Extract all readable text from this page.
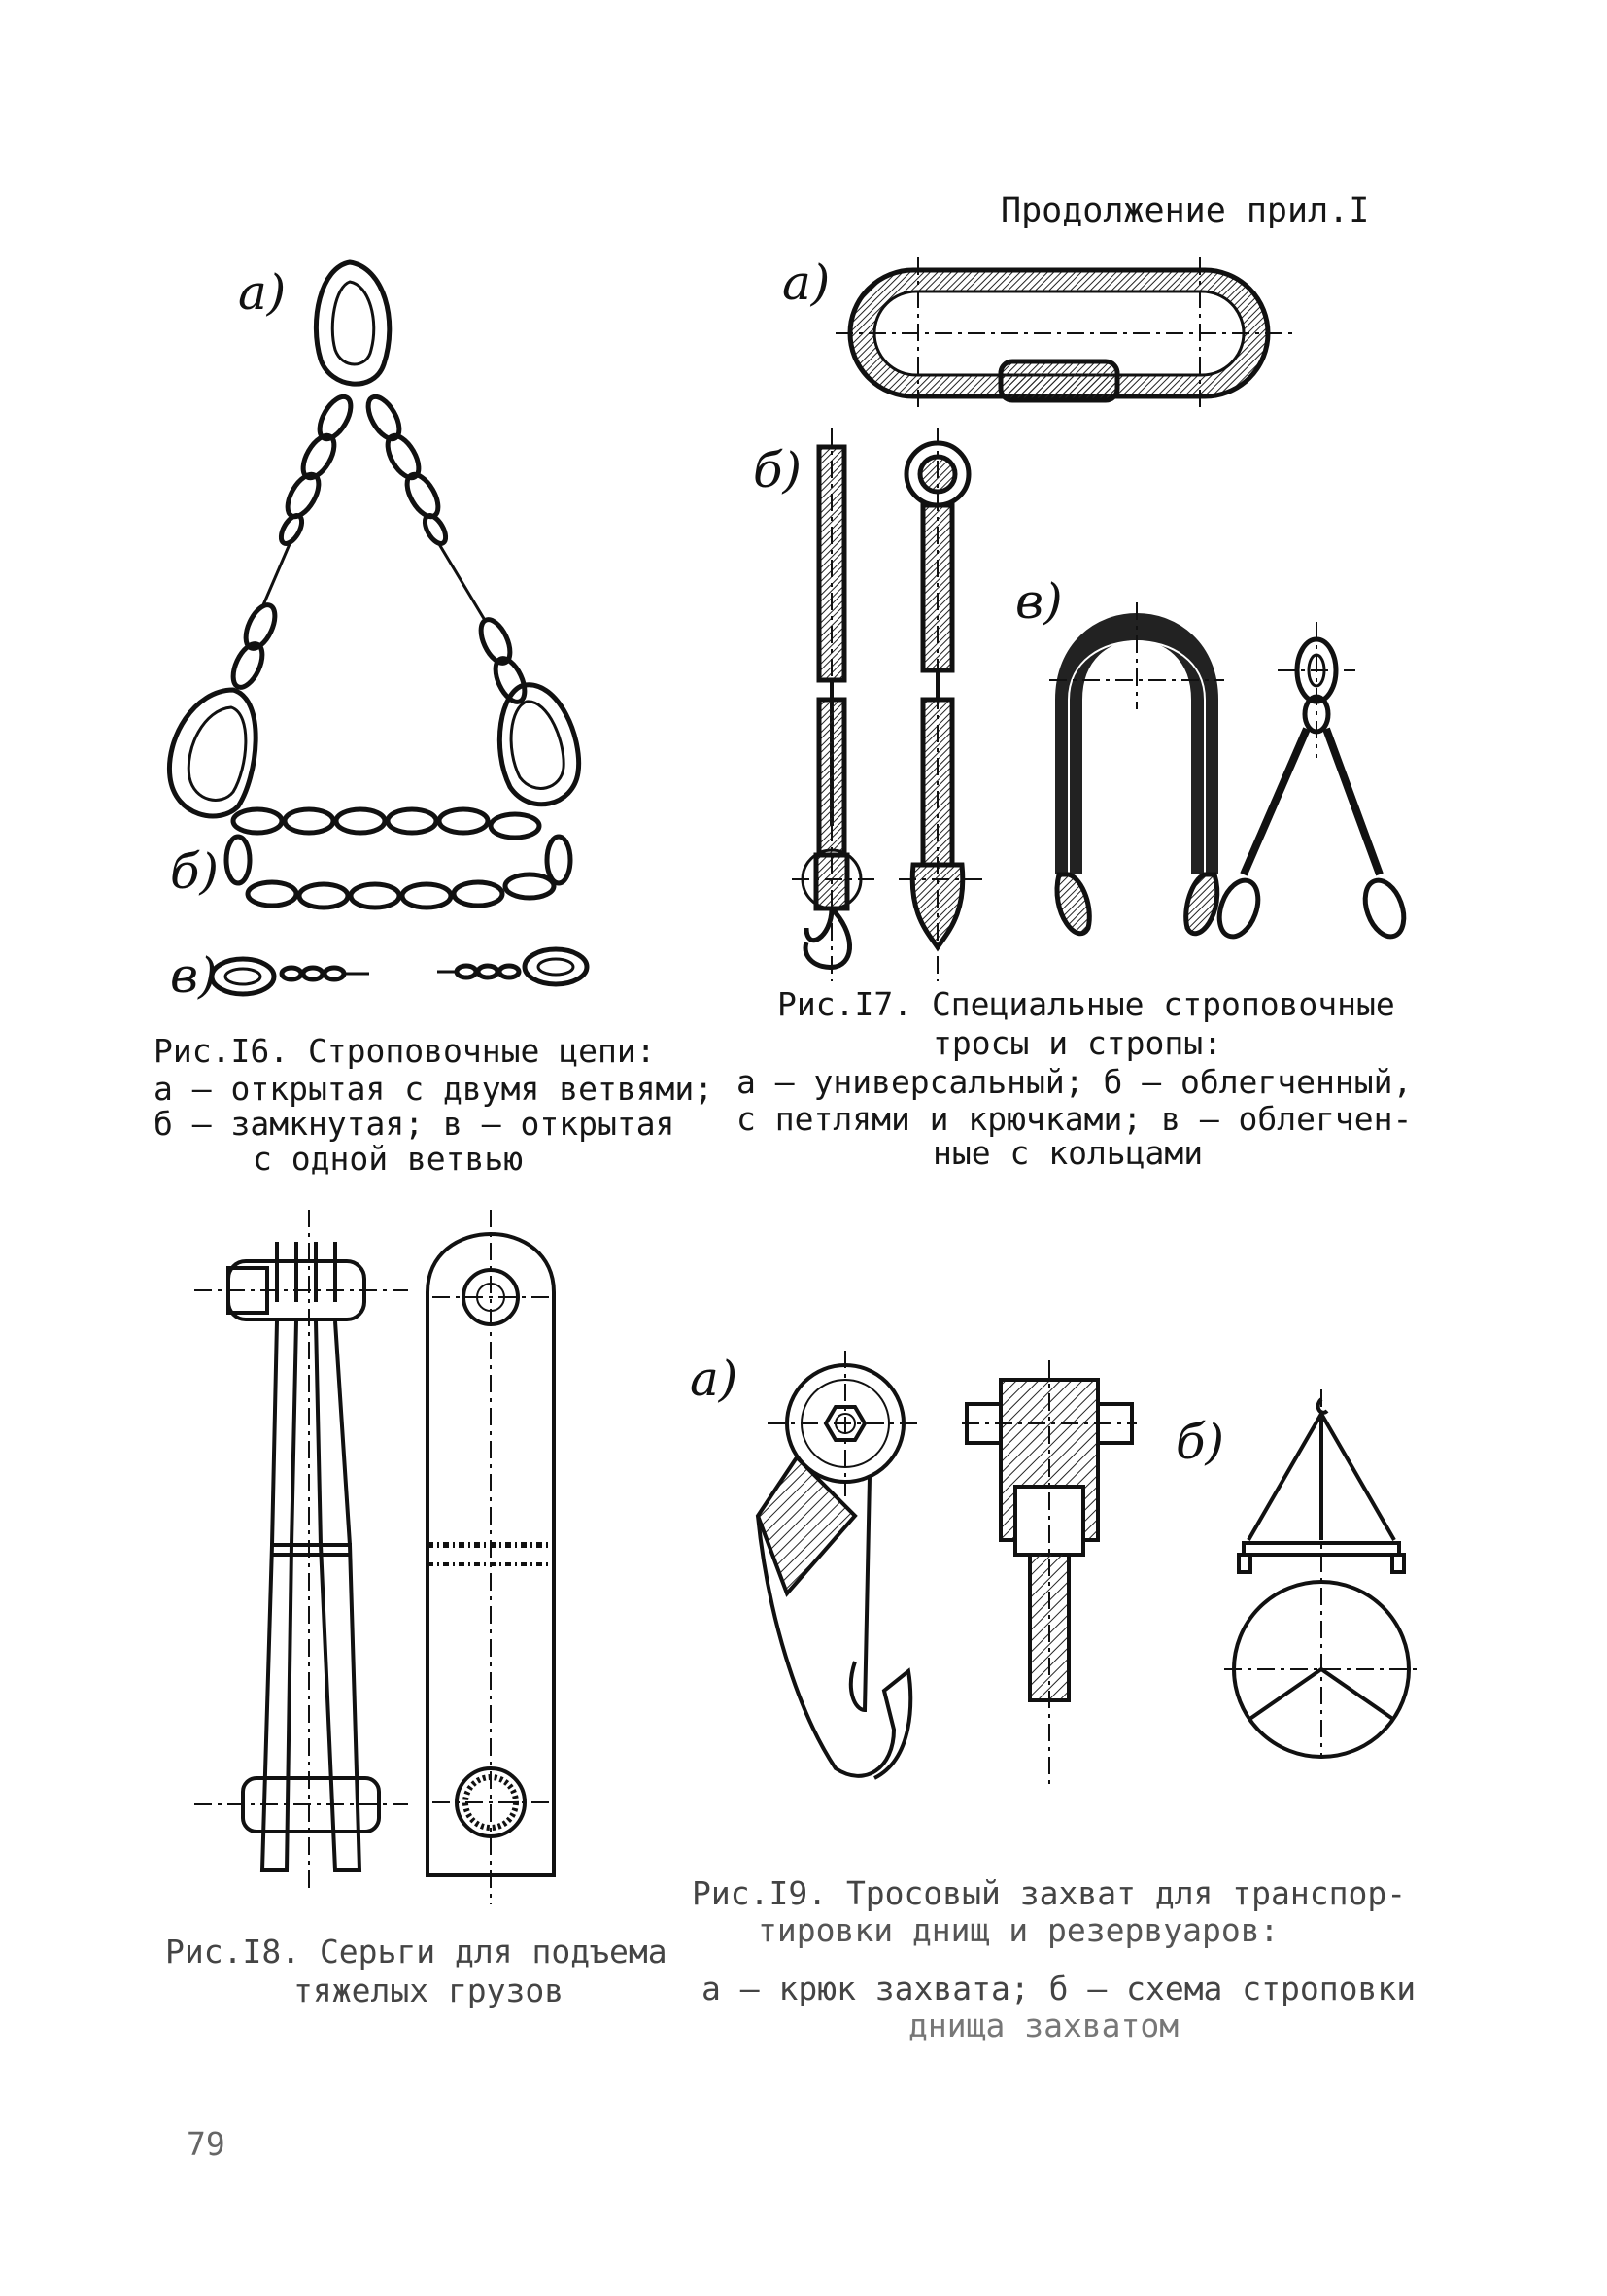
Продолжение прил.I
а)
б)
в)
Рис.I6. Строповочные цепи:
а – открытая с двумя ветвями;
б – замкнутая; в – открытая
с одной ветвью
а)
б)
в)
Рис.I7. Специальные строповочные
тросы и стропы:
а – универсальный; б – облегченный,
с петлями и крючками; в – облегчен-
ные с кольцами
Рис.I8. Серьги для подъема
тяжелых грузов
а)
б)
Рис.I9. Тросовый захват для транспор-
тировки днищ и резервуаров:
а – крюк захвата; б – схема строповки
днища захватом
79
